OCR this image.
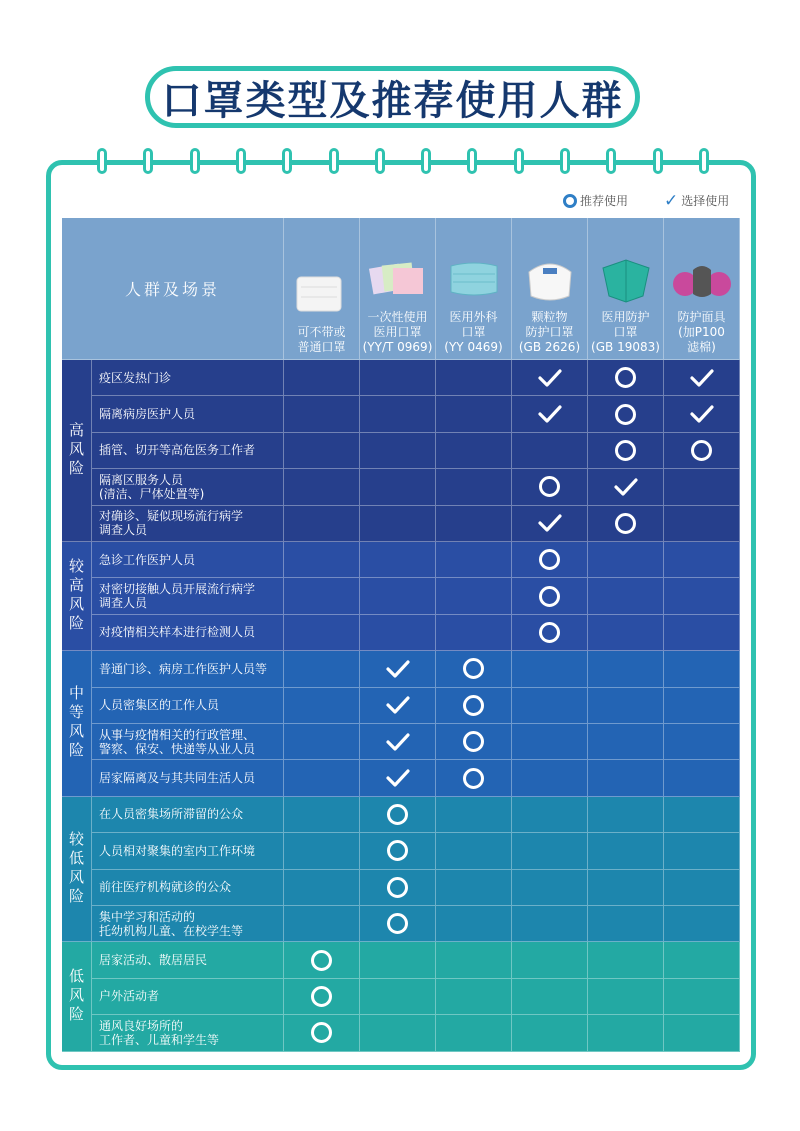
口罩类型及推荐使用人群
推荐使用 ✓ 选择使用
人群及场景
可不带或
普通口罩
一次性使用
医用口罩
(YY/T 0969)
医用外科
口罩
(YY 0469)
颗粒物
防护口罩
(GB 2626)
医用防护
口罩
(GB 19083)
防护面具
(加P100
滤棉)
高风险
疫区发热门诊
隔离病房医护人员
插管、切开等高危医务工作者
隔离区服务人员
(清洁、尸体处置等)
对确诊、疑似现场流行病学
调查人员
较高风险 急诊工作医护人员
对密切接触人员开展流行病学
调查人员
对疫情相关样本进行检测人员
中等风险
普通门诊、病房工作医护人员等
人员密集区的工作人员
从事与疫情相关的行政管理、
警察、保安、快递等从业人员
居家隔离及与其共同生活人员
较低风险
在人员密集场所滞留的公众
人员相对聚集的室内工作环境
前往医疗机构就诊的公众
集中学习和活动的
托幼机构儿童、在校学生等
低风险
居家活动、散居居民
户外活动者
通风良好场所的
工作者、儿童和学生等
